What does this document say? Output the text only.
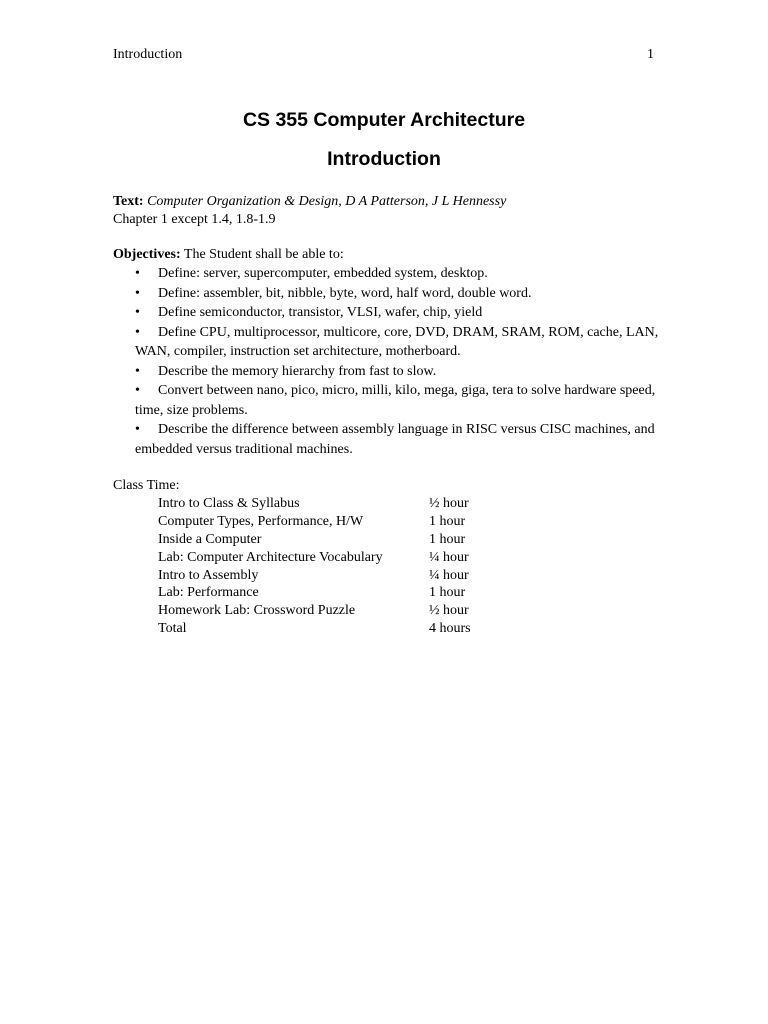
Introduction	1
CS 355 Computer Architecture
Introduction
Text: Computer Organization & Design, D A Patterson, J L Hennessy
Chapter 1 except 1.4, 1.8-1.9
Objectives: The Student shall be able to:
• Define: server, supercomputer, embedded system, desktop.
• Define: assembler, bit, nibble, byte, word, half word, double word.
• Define semiconductor, transistor, VLSI, wafer, chip, yield
• Define CPU, multiprocessor, multicore, core, DVD, DRAM, SRAM, ROM, cache, LAN, WAN, compiler, instruction set architecture, motherboard.
• Describe the memory hierarchy from fast to slow.
• Convert between nano, pico, micro, milli, kilo, mega, giga, tera to solve hardware speed, time, size problems.
• Describe the difference between assembly language in RISC versus CISC machines, and embedded versus traditional machines.
Class Time:
Intro to Class & Syllabus	½ hour
Computer Types, Performance, H/W	1 hour
Inside a Computer	1 hour
Lab: Computer Architecture Vocabulary	¼ hour
Intro to Assembly	¼ hour
Lab: Performance	1 hour
Homework Lab: Crossword Puzzle	½ hour
Total	4 hours
